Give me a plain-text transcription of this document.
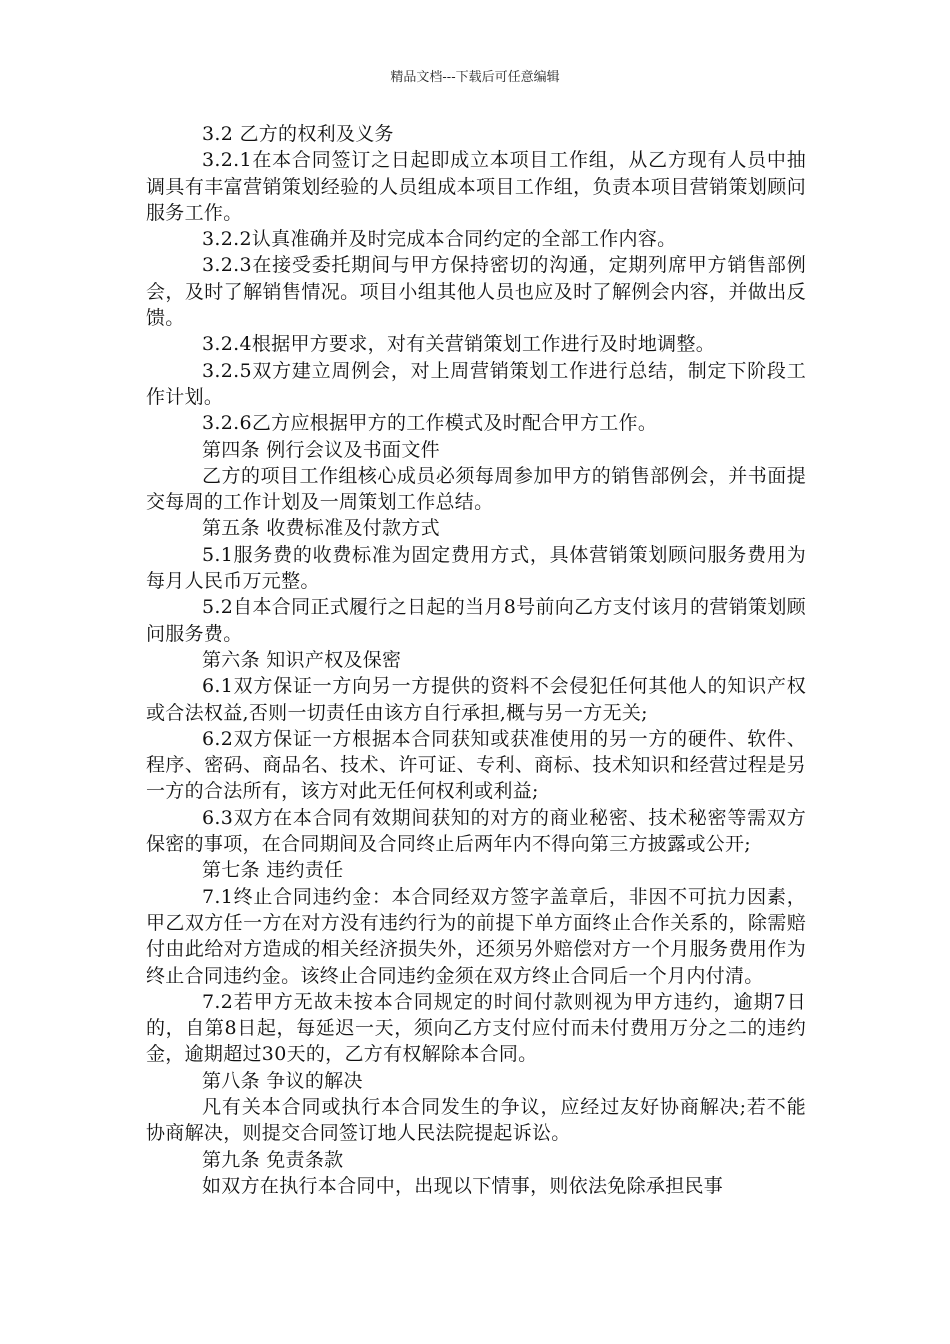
精品文档---下载后可任意编辑

3.2 乙方的权利及义务

3.2.1在本合同签订之日起即成立本项目工作组，从乙方现有人员中抽调具有丰富营销策划经验的人员组成本项目工作组，负责本项目营销策划顾问服务工作。

3.2.2认真准确并及时完成本合同约定的全部工作内容。

3.2.3在接受委托期间与甲方保持密切的沟通，定期列席甲方销售部例会，及时了解销售情况。项目小组其他人员也应及时了解例会内容，并做出反馈。

3.2.4根据甲方要求，对有关营销策划工作进行及时地调整。

3.2.5双方建立周例会，对上周营销策划工作进行总结，制定下阶段工作计划。

3.2.6乙方应根据甲方的工作模式及时配合甲方工作。

第四条 例行会议及书面文件

乙方的项目工作组核心成员必须每周参加甲方的销售部例会，并书面提交每周的工作计划及一周策划工作总结。

第五条 收费标准及付款方式

5.1服务费的收费标准为固定费用方式，具体营销策划顾问服务费用为每月人民币万元整。

5.2自本合同正式履行之日起的当月8号前向乙方支付该月的营销策划顾问服务费。

第六条 知识产权及保密

6.1双方保证一方向另一方提供的资料不会侵犯任何其他人的知识产权或合法权益,否则一切责任由该方自行承担,概与另一方无关;

6.2双方保证一方根据本合同获知或获准使用的另一方的硬件、软件、程序、密码、商品名、技术、许可证、专利、商标、技术知识和经营过程是另一方的合法所有，该方对此无任何权利或利益;

6.3双方在本合同有效期间获知的对方的商业秘密、技术秘密等需双方保密的事项，在合同期间及合同终止后两年内不得向第三方披露或公开;

第七条 违约责任

7.1终止合同违约金：本合同经双方签字盖章后，非因不可抗力因素，甲乙双方任一方在对方没有违约行为的前提下单方面终止合作关系的，除需赔付由此给对方造成的相关经济损失外，还须另外赔偿对方一个月服务费用作为终止合同违约金。该终止合同违约金须在双方终止合同后一个月内付清。

7.2若甲方无故未按本合同规定的时间付款则视为甲方违约，逾期7日的，自第8日起，每延迟一天，须向乙方支付应付而未付费用万分之二的违约金，逾期超过30天的，乙方有权解除本合同。

第八条 争议的解决

凡有关本合同或执行本合同发生的争议，应经过友好协商解决;若不能协商解决，则提交合同签订地人民法院提起诉讼。

第九条 免责条款

如双方在执行本合同中，出现以下情事，则依法免除承担民事
